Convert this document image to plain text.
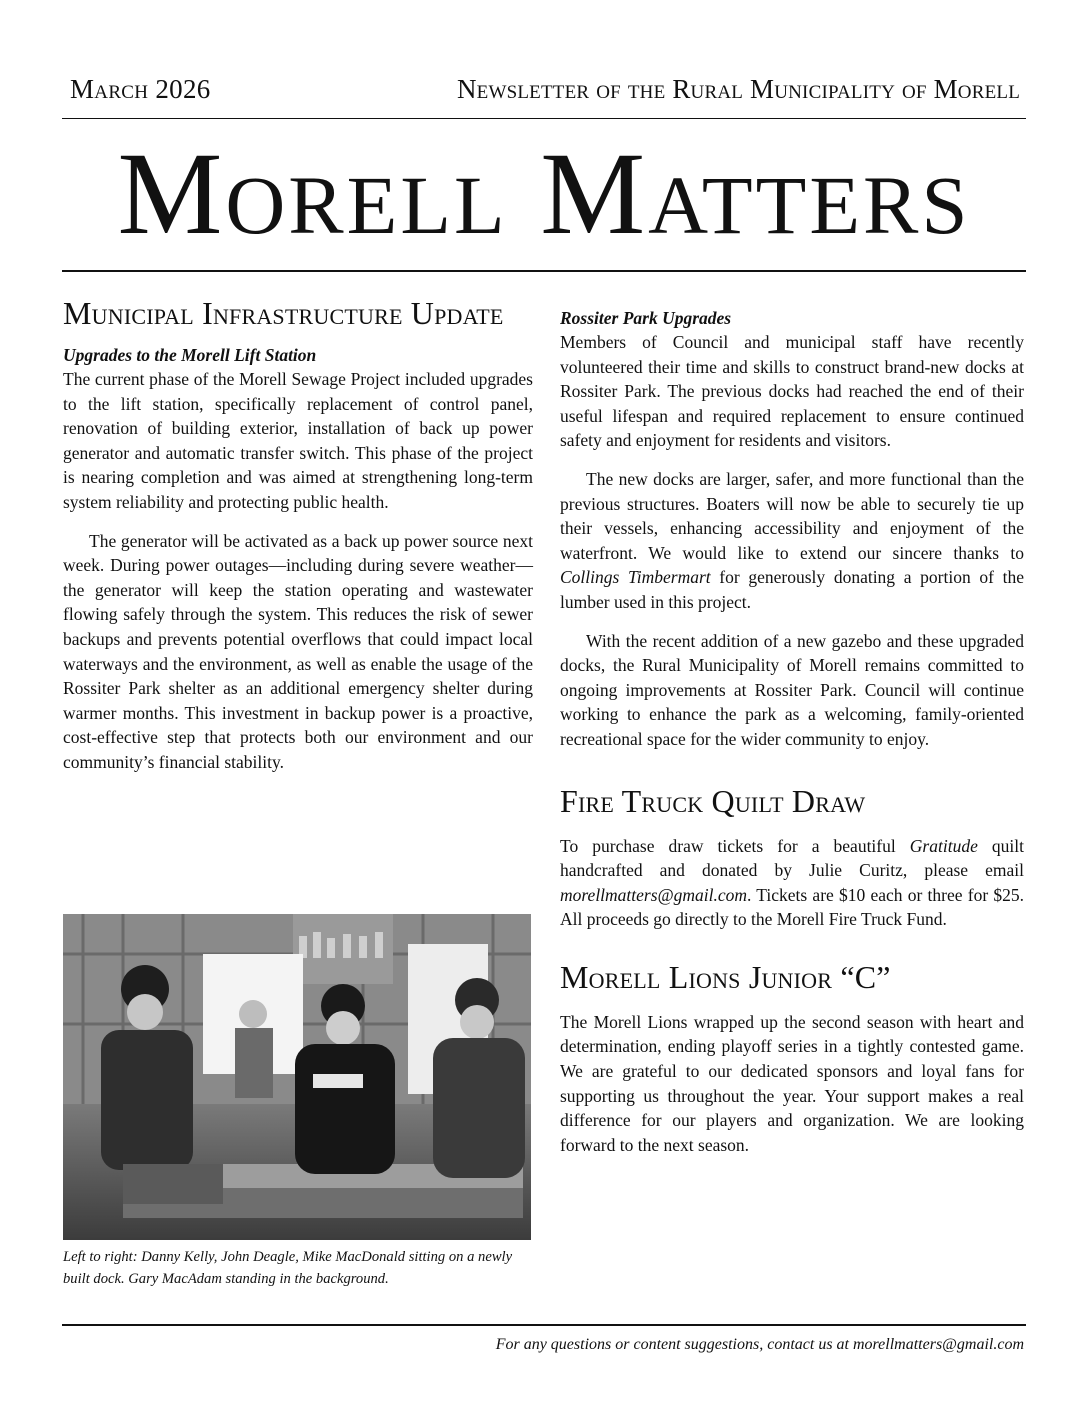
March 2026	Newsletter of the Rural Municipality of Morell
Morell Matters
Municipal Infrastructure Update
Upgrades to the Morell Lift Station

The current phase of the Morell Sewage Project included upgrades to the lift station, specifically replacement of control panel, renovation of building exterior, installation of back up power generator and automatic transfer switch. This phase of the project is nearing completion and was aimed at strengthening long-term system reliability and protecting public health.

The generator will be activated as a back up power source next week. During power outages—including during severe weather—the generator will keep the station operating and wastewater flowing safely through the system. This reduces the risk of sewer backups and prevents potential overflows that could impact local waterways and the environment, as well as enable the usage of the Rossiter Park shelter as an additional emergency shelter during warmer months. This investment in backup power is a proactive, cost-effective step that protects both our environment and our community’s financial stability.

Left to right: Danny Kelly, John Deagle, Mike MacDonald sitting on a newly built dock. Gary MacAdam standing in the background.
Rossiter Park Upgrades

Members of Council and municipal staff have recently volunteered their time and skills to construct brand-new docks at Rossiter Park. The previous docks had reached the end of their useful lifespan and required replacement to ensure continued safety and enjoyment for residents and visitors.

The new docks are larger, safer, and more functional than the previous structures. Boaters will now be able to securely tie up their vessels, enhancing accessibility and enjoyment of the waterfront. We would like to extend our sincere thanks to Collings Timbermart for generously donating a portion of the lumber used in this project.

With the recent addition of a new gazebo and these upgraded docks, the Rural Municipality of Morell remains committed to ongoing improvements at Rossiter Park. Council will continue working to enhance the park as a welcoming, family-oriented recreational space for the wider community to enjoy.

Fire Truck Quilt Draw

To purchase draw tickets for a beautiful Gratitude quilt handcrafted and donated by Julie Curitz, please email morellmatters@gmail.com. Tickets are $10 each or three for $25. All proceeds go directly to the Morell Fire Truck Fund.

Morell Lions Junior “C”

The Morell Lions wrapped up the second season with heart and determination, ending playoff series in a tightly contested game. We are grateful to our dedicated sponsors and loyal fans for supporting us throughout the year. Your support makes a real difference for our players and organization. We are looking forward to the next season.

For any questions or content suggestions, contact us at morellmatters@gmail.com
